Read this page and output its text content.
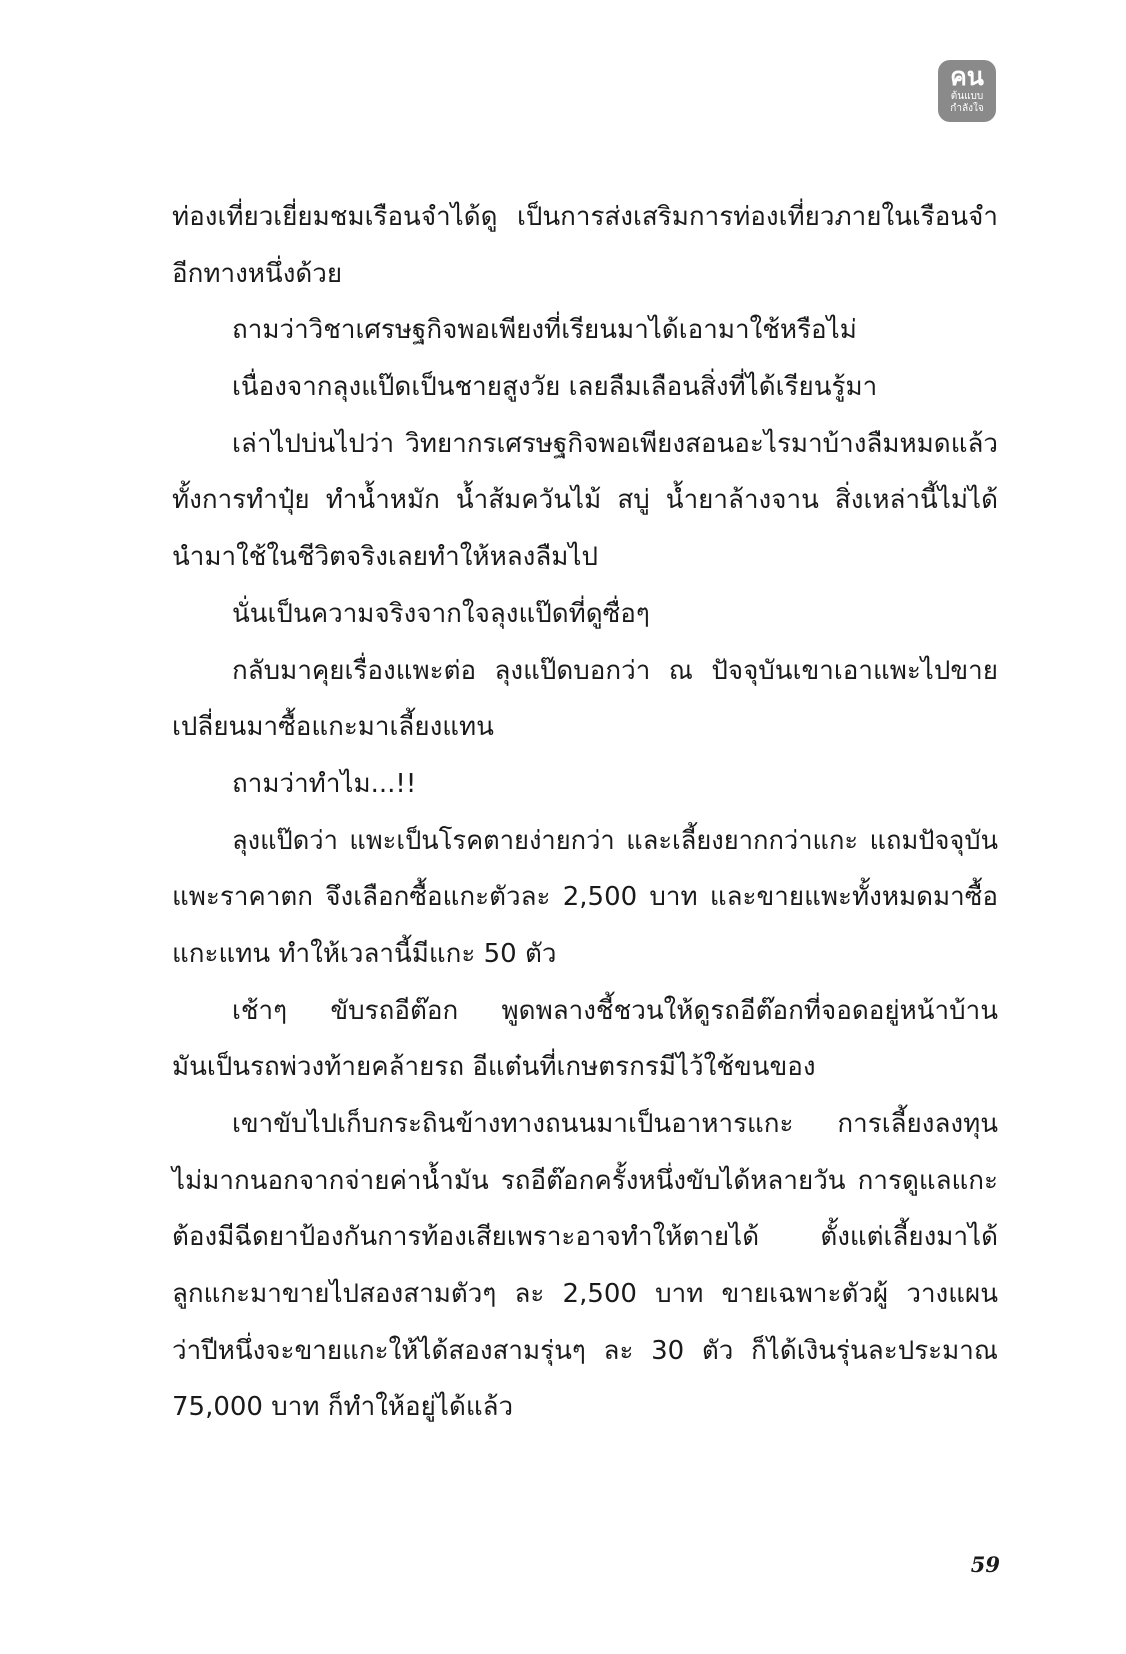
คน
ต้นแบบ
กำลังใจ
ท่องเที่ยวเยี่ยมชมเรือนจำได้ดู เป็นการส่งเสริมการท่องเที่ยวภายในเรือนจำ
อีกทางหนึ่งด้วย
ถามว่าวิชาเศรษฐกิจพอเพียงที่เรียนมาได้เอามาใช้หรือไม่
เนื่องจากลุงแป๊ดเป็นชายสูงวัย เลยลืมเลือนสิ่งที่ได้เรียนรู้มา
เล่าไปบ่นไปว่า วิทยากรเศรษฐกิจพอเพียงสอนอะไรมาบ้างลืมหมดแล้ว
ทั้งการทำปุ๋ย ทำน้ำหมัก น้ำส้มควันไม้ สบู่ น้ำยาล้างจาน สิ่งเหล่านี้ไม่ได้
นำมาใช้ในชีวิตจริงเลยทำให้หลงลืมไป
นั่นเป็นความจริงจากใจลุงแป๊ดที่ดูซื่อๆ
กลับมาคุยเรื่องแพะต่อ ลุงแป๊ดบอกว่า ณ ปัจจุบันเขาเอาแพะไปขาย
เปลี่ยนมาซื้อแกะมาเลี้ยงแทน
ถามว่าทำไม...!!
ลุงแป๊ดว่า แพะเป็นโรคตายง่ายกว่า และเลี้ยงยากกว่าแกะ แถมปัจจุบัน
แพะราคาตก จึงเลือกซื้อแกะตัวละ 2,500 บาท และขายแพะทั้งหมดมาซื้อ
แกะแทน ทำให้เวลานี้มีแกะ 50 ตัว
เช้าๆ ขับรถอีต๊อก พูดพลางชี้ชวนให้ดูรถอีต๊อกที่จอดอยู่หน้าบ้าน
มันเป็นรถพ่วงท้ายคล้ายรถ อีแต๋นที่เกษตรกรมีไว้ใช้ขนของ
เขาขับไปเก็บกระถินข้างทางถนนมาเป็นอาหารแกะ การเลี้ยงลงทุน
ไม่มากนอกจากจ่ายค่าน้ำมัน รถอีต๊อกครั้งหนึ่งขับได้หลายวัน การดูแลแกะ
ต้องมีฉีดยาป้องกันการท้องเสียเพราะอาจทำให้ตายได้ ตั้งแต่เลี้ยงมาได้
ลูกแกะมาขายไปสองสามตัวๆ ละ 2,500 บาท ขายเฉพาะตัวผู้ วางแผน
ว่าปีหนึ่งจะขายแกะให้ได้สองสามรุ่นๆ ละ 30 ตัว ก็ได้เงินรุ่นละประมาณ
75,000 บาท ก็ทำให้อยู่ได้แล้ว
59
